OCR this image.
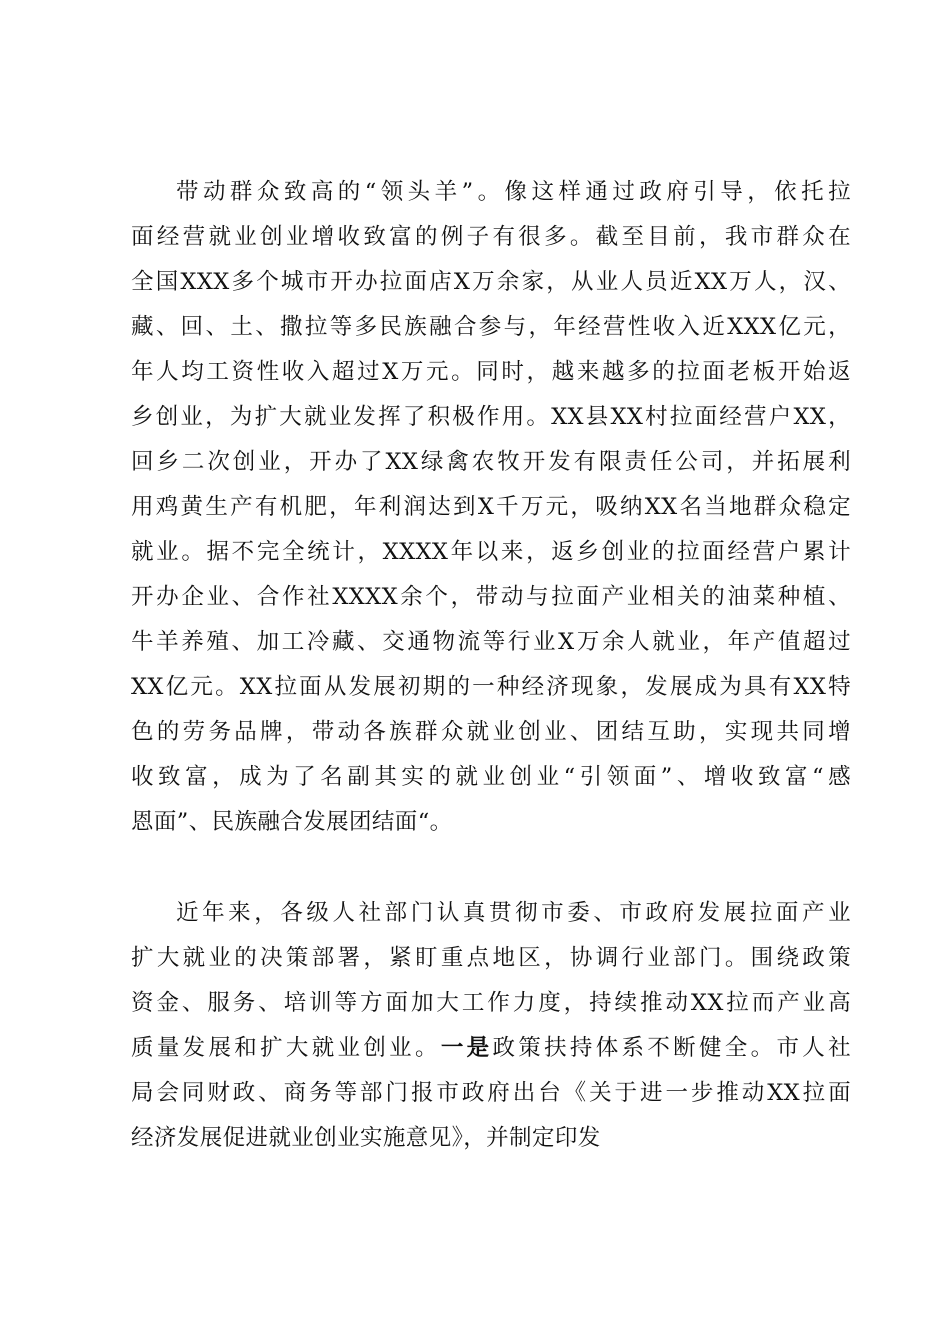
带动群众致高的“领头羊”。像这样通过政府引导，依托拉
面经营就业创业增收致富的例子有很多。截至目前，我市群众在
全国XXX多个城市开办拉面店X万余家，从业人员近XX万人，汉、
藏、回、土、撒拉等多民族融合参与，年经营性收入近XXX亿元，
年人均工资性收入超过X万元。同时，越来越多的拉面老板开始返
乡创业，为扩大就业发挥了积极作用。XX县XX村拉面经营户XX，
回乡二次创业，开办了XX绿禽农牧开发有限责任公司，并拓展利
用鸡黄生产有机肥，年利润达到X千万元，吸纳XX名当地群众稳定
就业。据不完全统计，XXXX年以来，返乡创业的拉面经营户累计
开办企业、合作社XXXX余个，带动与拉面产业相关的油菜种植、
牛羊养殖、加工冷藏、交通物流等行业X万余人就业，年产值超过
XX亿元。XX拉面从发展初期的一种经济现象，发展成为具有XX特
色的劳务品牌，带动各族群众就业创业、团结互助，实现共同增
收致富，成为了名副其实的就业创业“引领面”、增收致富“感
恩面”、民族融合发展团结面“。
近年来，各级人社部门认真贯彻市委、市政府发展拉面产业
扩大就业的决策部署，紧盯重点地区，协调行业部门。围绕政策
资金、服务、培训等方面加大工作力度，持续推动XX拉而产业高
质量发展和扩大就业创业。一是政策扶持体系不断健全。市人社
局会同财政、商务等部门报市政府出台《关于进一步推动XX拉面
经济发展促进就业创业实施意见》，并制定印发
